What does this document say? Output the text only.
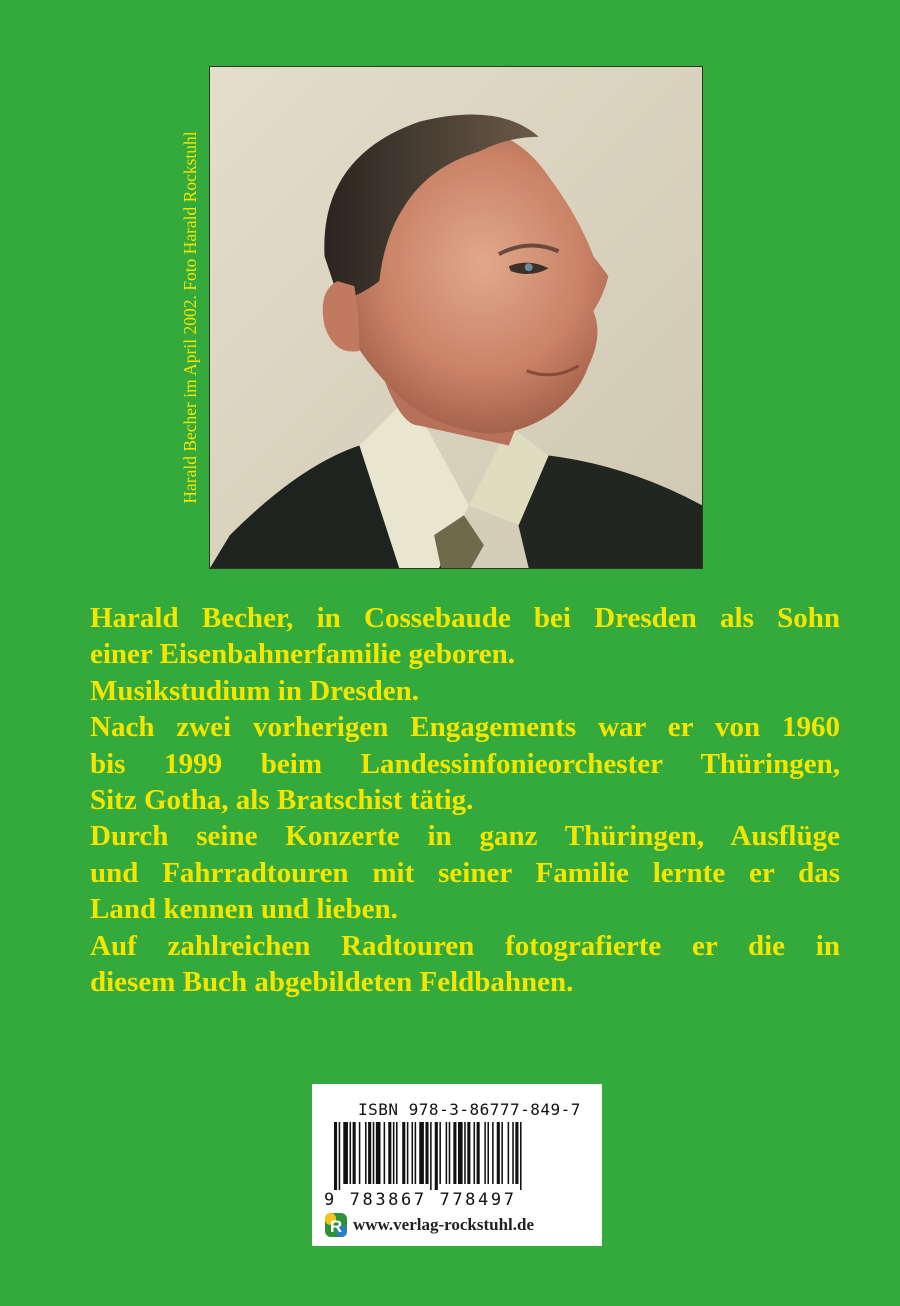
Harald Becher im April 2002. Foto Harald Rockstuhl

Harald Becher, in Cossebaude bei Dresden als Sohn

einer Eisenbahnerfamilie geboren.

Musikstudium in Dresden.

Nach zwei vorherigen Engagements war er von 1960

bis 1999 beim Landessinfonieorchester Thüringen,

Sitz Gotha, als Bratschist tätig.

Durch seine Konzerte in ganz Thüringen, Ausflüge

und Fahrradtouren mit seiner Familie lernte er das

Land kennen und lieben.

Auf zahlreichen Radtouren fotografierte er die in

diesem Buch abgebildeten Feldbahnen.

ISBN 978-3-86777-849-7
9 783867 778497
R www.verlag-rockstuhl.de
